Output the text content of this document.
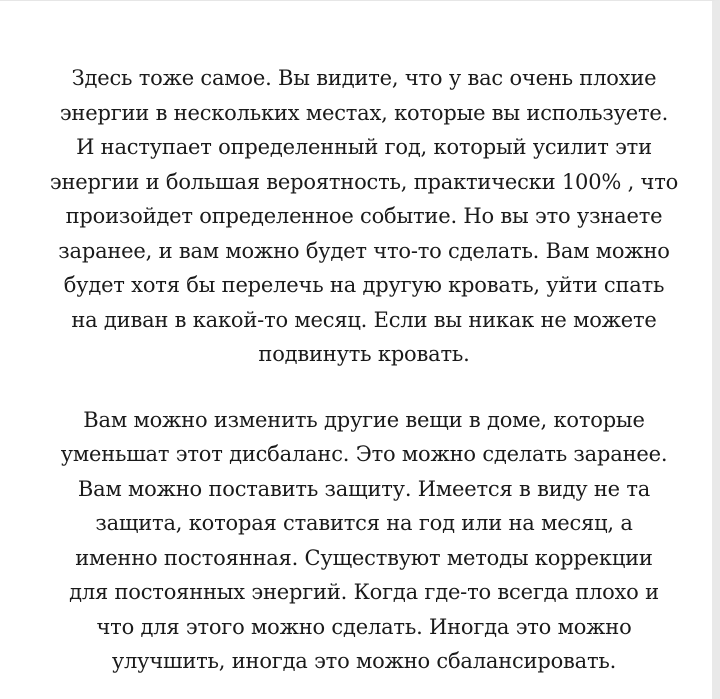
Здесь тоже самое. Вы видите, что у вас очень плохие
энергии в нескольких местах, которые вы используете.
И наступает определенный год, который усилит эти
энергии и большая вероятность, практически 100% , что
произойдет определенное событие. Но вы это узнаете
заранее, и вам можно будет что-то сделать. Вам можно
будет хотя бы перелечь на другую кровать, уйти спать
на диван в какой-то месяц. Если вы никак не можете
подвинуть кровать.

Вам можно изменить другие вещи в доме, которые
уменьшат этот дисбаланс. Это можно сделать заранее.
Вам можно поставить защиту. Имеется в виду не та
защита, которая ставится на год или на месяц, а
именно постоянная. Существуют методы коррекции
для постоянных энергий. Когда где-то всегда плохо и
что для этого можно сделать. Иногда это можно
улучшить, иногда это можно сбалансировать.
